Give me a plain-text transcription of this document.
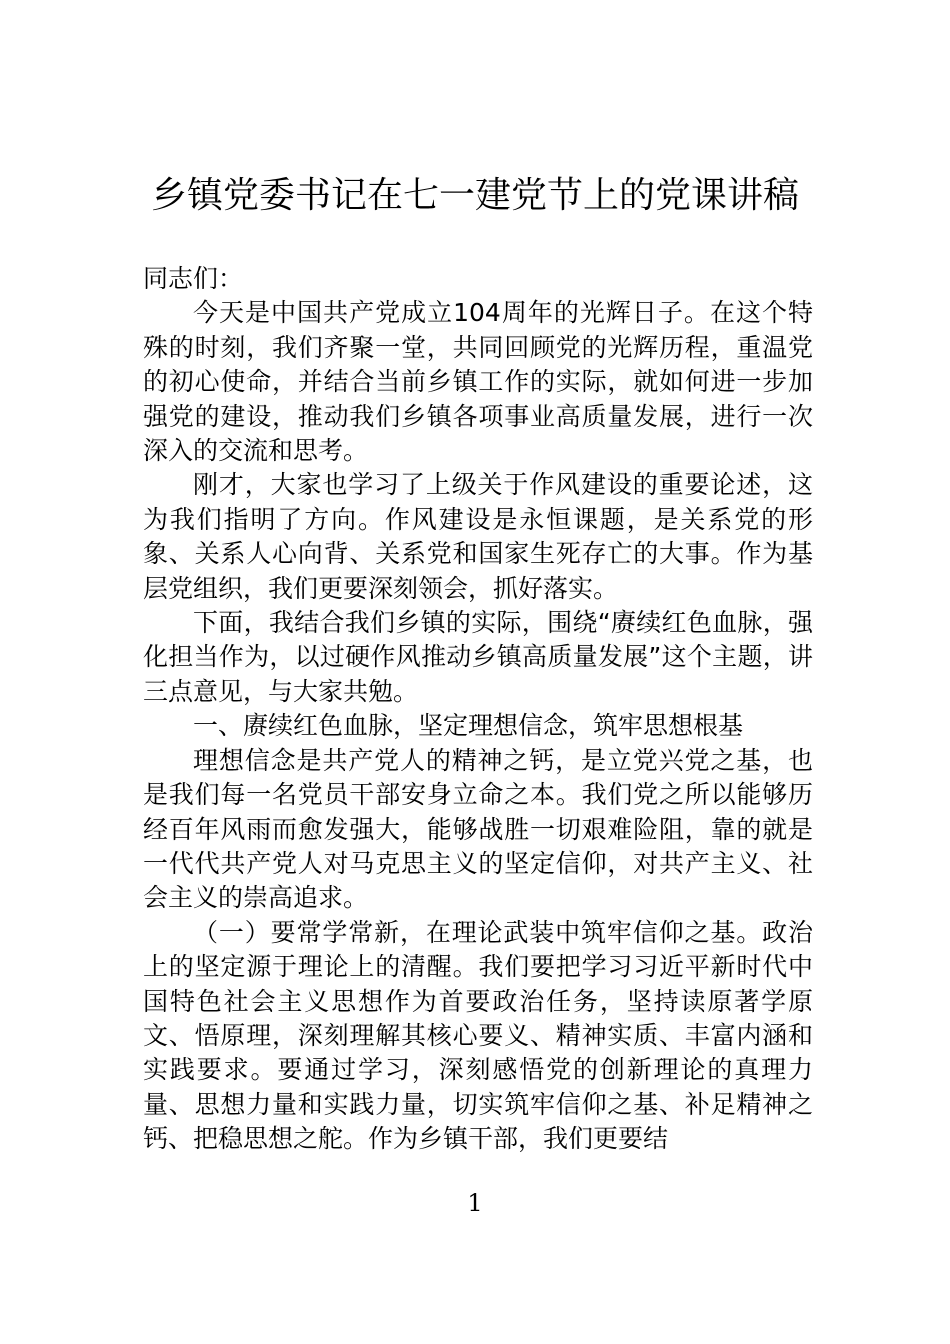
乡镇党委书记在七一建党节上的党课讲稿

同志们：

今天是中国共产党成立104周年的光辉日子。在这个特殊的时刻，我们齐聚一堂，共同回顾党的光辉历程，重温党的初心使命，并结合当前乡镇工作的实际，就如何进一步加强党的建设，推动我们乡镇各项事业高质量发展，进行一次深入的交流和思考。

刚才，大家也学习了上级关于作风建设的重要论述，这为我们指明了方向。作风建设是永恒课题，是关系党的形象、关系人心向背、关系党和国家生死存亡的大事。作为基层党组织，我们更要深刻领会，抓好落实。

下面，我结合我们乡镇的实际，围绕“赓续红色血脉，强化担当作为，以过硬作风推动乡镇高质量发展”这个主题，讲三点意见，与大家共勉。

一、赓续红色血脉，坚定理想信念，筑牢思想根基

理想信念是共产党人的精神之钙，是立党兴党之基，也是我们每一名党员干部安身立命之本。我们党之所以能够历经百年风雨而愈发强大，能够战胜一切艰难险阻，靠的就是一代代共产党人对马克思主义的坚定信仰，对共产主义、社会主义的崇高追求。

（一）要常学常新，在理论武装中筑牢信仰之基。政治上的坚定源于理论上的清醒。我们要把学习习近平新时代中国特色社会主义思想作为首要政治任务，坚持读原著学原文、悟原理，深刻理解其核心要义、精神实质、丰富内涵和实践要求。要通过学习，深刻感悟党的创新理论的真理力量、思想力量和实践力量，切实筑牢信仰之基、补足精神之钙、把稳思想之舵。作为乡镇干部，我们更要结

1
